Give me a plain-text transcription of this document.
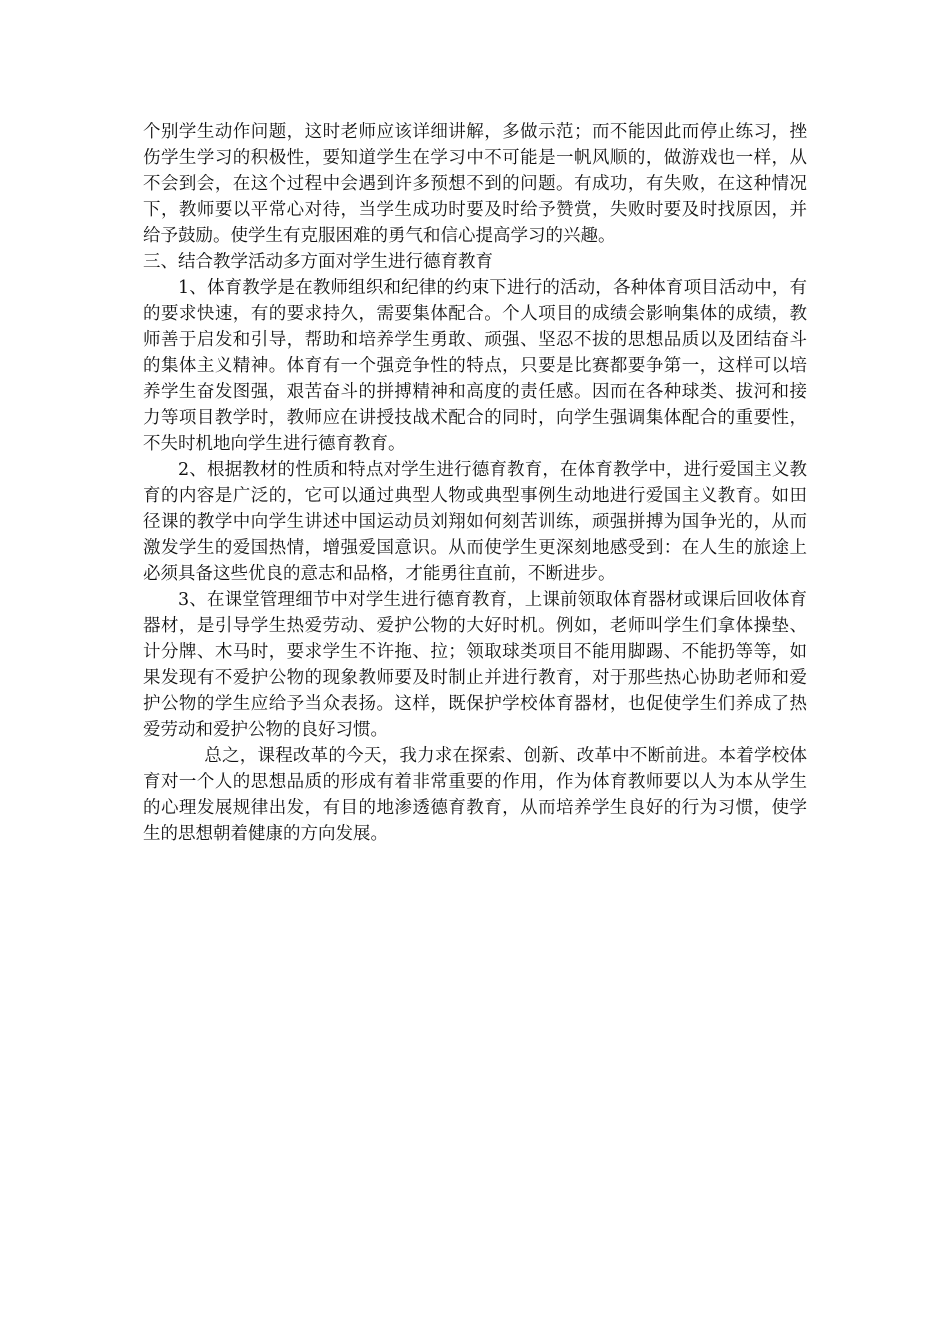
个别学生动作问题，这时老师应该详细讲解，多做示范；而不能因此而停止练习，挫伤学生学习的积极性，要知道学生在学习中不可能是一帆风顺的，做游戏也一样，从不会到会，在这个过程中会遇到许多预想不到的问题。有成功，有失败，在这种情况下，教师要以平常心对待，当学生成功时要及时给予赞赏，失败时要及时找原因，并给予鼓励。使学生有克服困难的勇气和信心提高学习的兴趣。

三、结合教学活动多方面对学生进行德育教育

1、体育教学是在教师组织和纪律的约束下进行的活动，各种体育项目活动中，有的要求快速，有的要求持久，需要集体配合。个人项目的成绩会影响集体的成绩，教师善于启发和引导，帮助和培养学生勇敢、顽强、坚忍不拔的思想品质以及团结奋斗的集体主义精神。体育有一个强竞争性的特点，只要是比赛都要争第一，这样可以培养学生奋发图强，艰苦奋斗的拼搏精神和高度的责任感。因而在各种球类、拔河和接力等项目教学时，教师应在讲授技战术配合的同时，向学生强调集体配合的重要性，不失时机地向学生进行德育教育。

2、根据教材的性质和特点对学生进行德育教育，在体育教学中，进行爱国主义教育的内容是广泛的，它可以通过典型人物或典型事例生动地进行爱国主义教育。如田径课的教学中向学生讲述中国运动员刘翔如何刻苦训练，顽强拼搏为国争光的，从而激发学生的爱国热情，增强爱国意识。从而使学生更深刻地感受到：在人生的旅途上必须具备这些优良的意志和品格，才能勇往直前，不断进步。

3、在课堂管理细节中对学生进行德育教育，上课前领取体育器材或课后回收体育器材，是引导学生热爱劳动、爱护公物的大好时机。例如，老师叫学生们拿体操垫、计分牌、木马时，要求学生不许拖、拉；领取球类项目不能用脚踢、不能扔等等，如果发现有不爱护公物的现象教师要及时制止并进行教育，对于那些热心协助老师和爱护公物的学生应给予当众表扬。这样，既保护学校体育器材，也促使学生们养成了热爱劳动和爱护公物的良好习惯。

总之，课程改革的今天，我力求在探索、创新、改革中不断前进。本着学校体育对一个人的思想品质的形成有着非常重要的作用，作为体育教师要以人为本从学生的心理发展规律出发，有目的地渗透德育教育，从而培养学生良好的行为习惯，使学生的思想朝着健康的方向发展。
